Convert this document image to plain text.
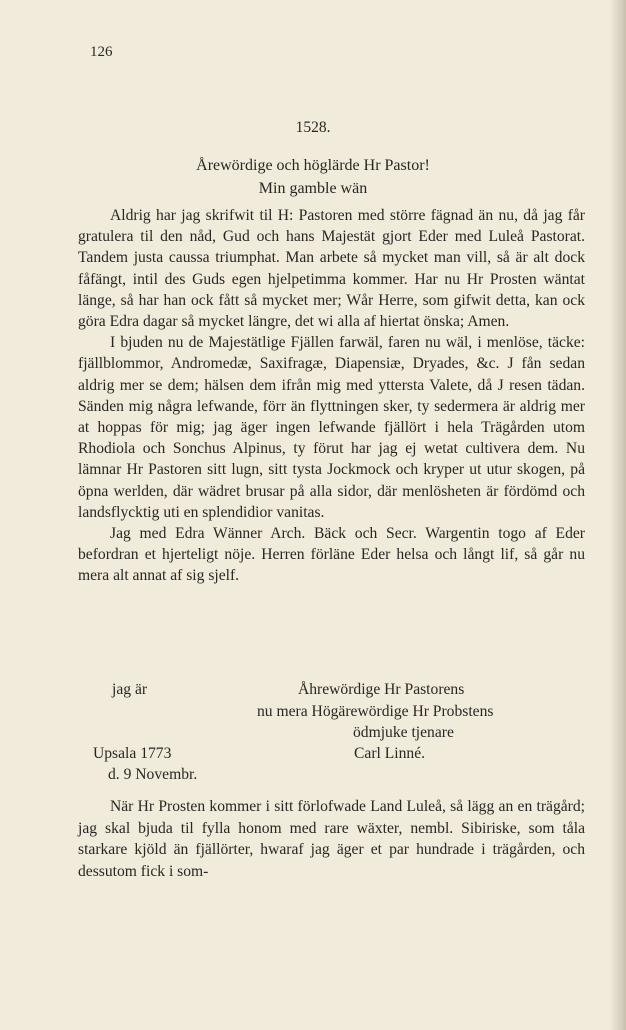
126
1528.
Årewördige och höglärde Hr Pastor!
Min gamble wän

Aldrig har jag skrifwit til H: Pastoren med större fägnad än nu, då jag får gratulera til den nåd, Gud och hans Majestät gjort Eder med Luleå Pastorat. Tandem justa caussa triumphat. Man arbete så mycket man vill, så är alt dock fåfängt, intil des Guds egen hjelpetimma kommer. Har nu Hr Prosten wäntat länge, så har han ock fått så mycket mer; Wår Herre, som gifwit detta, kan ock göra Edra dagar så mycket längre, det wi alla af hiertat önska; Amen.

I bjuden nu de Majestätlige Fjällen farwäl, faren nu wäl, i menlöse, täcke: fjällblommor, Andromedæ, Saxifragæ, Diapensiæ, Dryades, &c. J fån sedan aldrig mer se dem; hälsen dem ifrån mig med yttersta Valete, då J resen tädan. Sänden mig några lefwande, förr än flyttningen sker, ty sedermera är aldrig mer at hoppas för mig; jag äger ingen lefwande fjällört i hela Trägården utom Rhodiola och Sonchus Alpinus, ty förut har jag ej wetat cultivera dem. Nu lämnar Hr Pastoren sitt lugn, sitt tysta Jockmock och kryper ut utur skogen, på öpna werlden, där wädret brusar på alla sidor, där menlösheten är fördömd och landsflycktig uti en splendidior vanitas.

Jag med Edra Wänner Arch. Bäck och Secr. Wargentin togo af Eder befordran et hjerteligt nöje. Herren förläne Eder helsa och långt lif, så går nu mera alt annat af sig sjelf.

jag är	Åhrewördige Hr Pastorens
nu mera Högärewördige Hr Probstens
ödmjuke tjenare
Upsala 1773	Carl Linné.
d. 9 Novembr.

När Hr Prosten kommer i sitt förlofwade Land Luleå, så lägg an en trägård; jag skal bjuda til fylla honom med rare wäxter, nembl. Sibiriske, som tåla starkare kjöld än fjällörter, hwaraf jag äger et par hundrade i trägården, och dessutom fick i som-
